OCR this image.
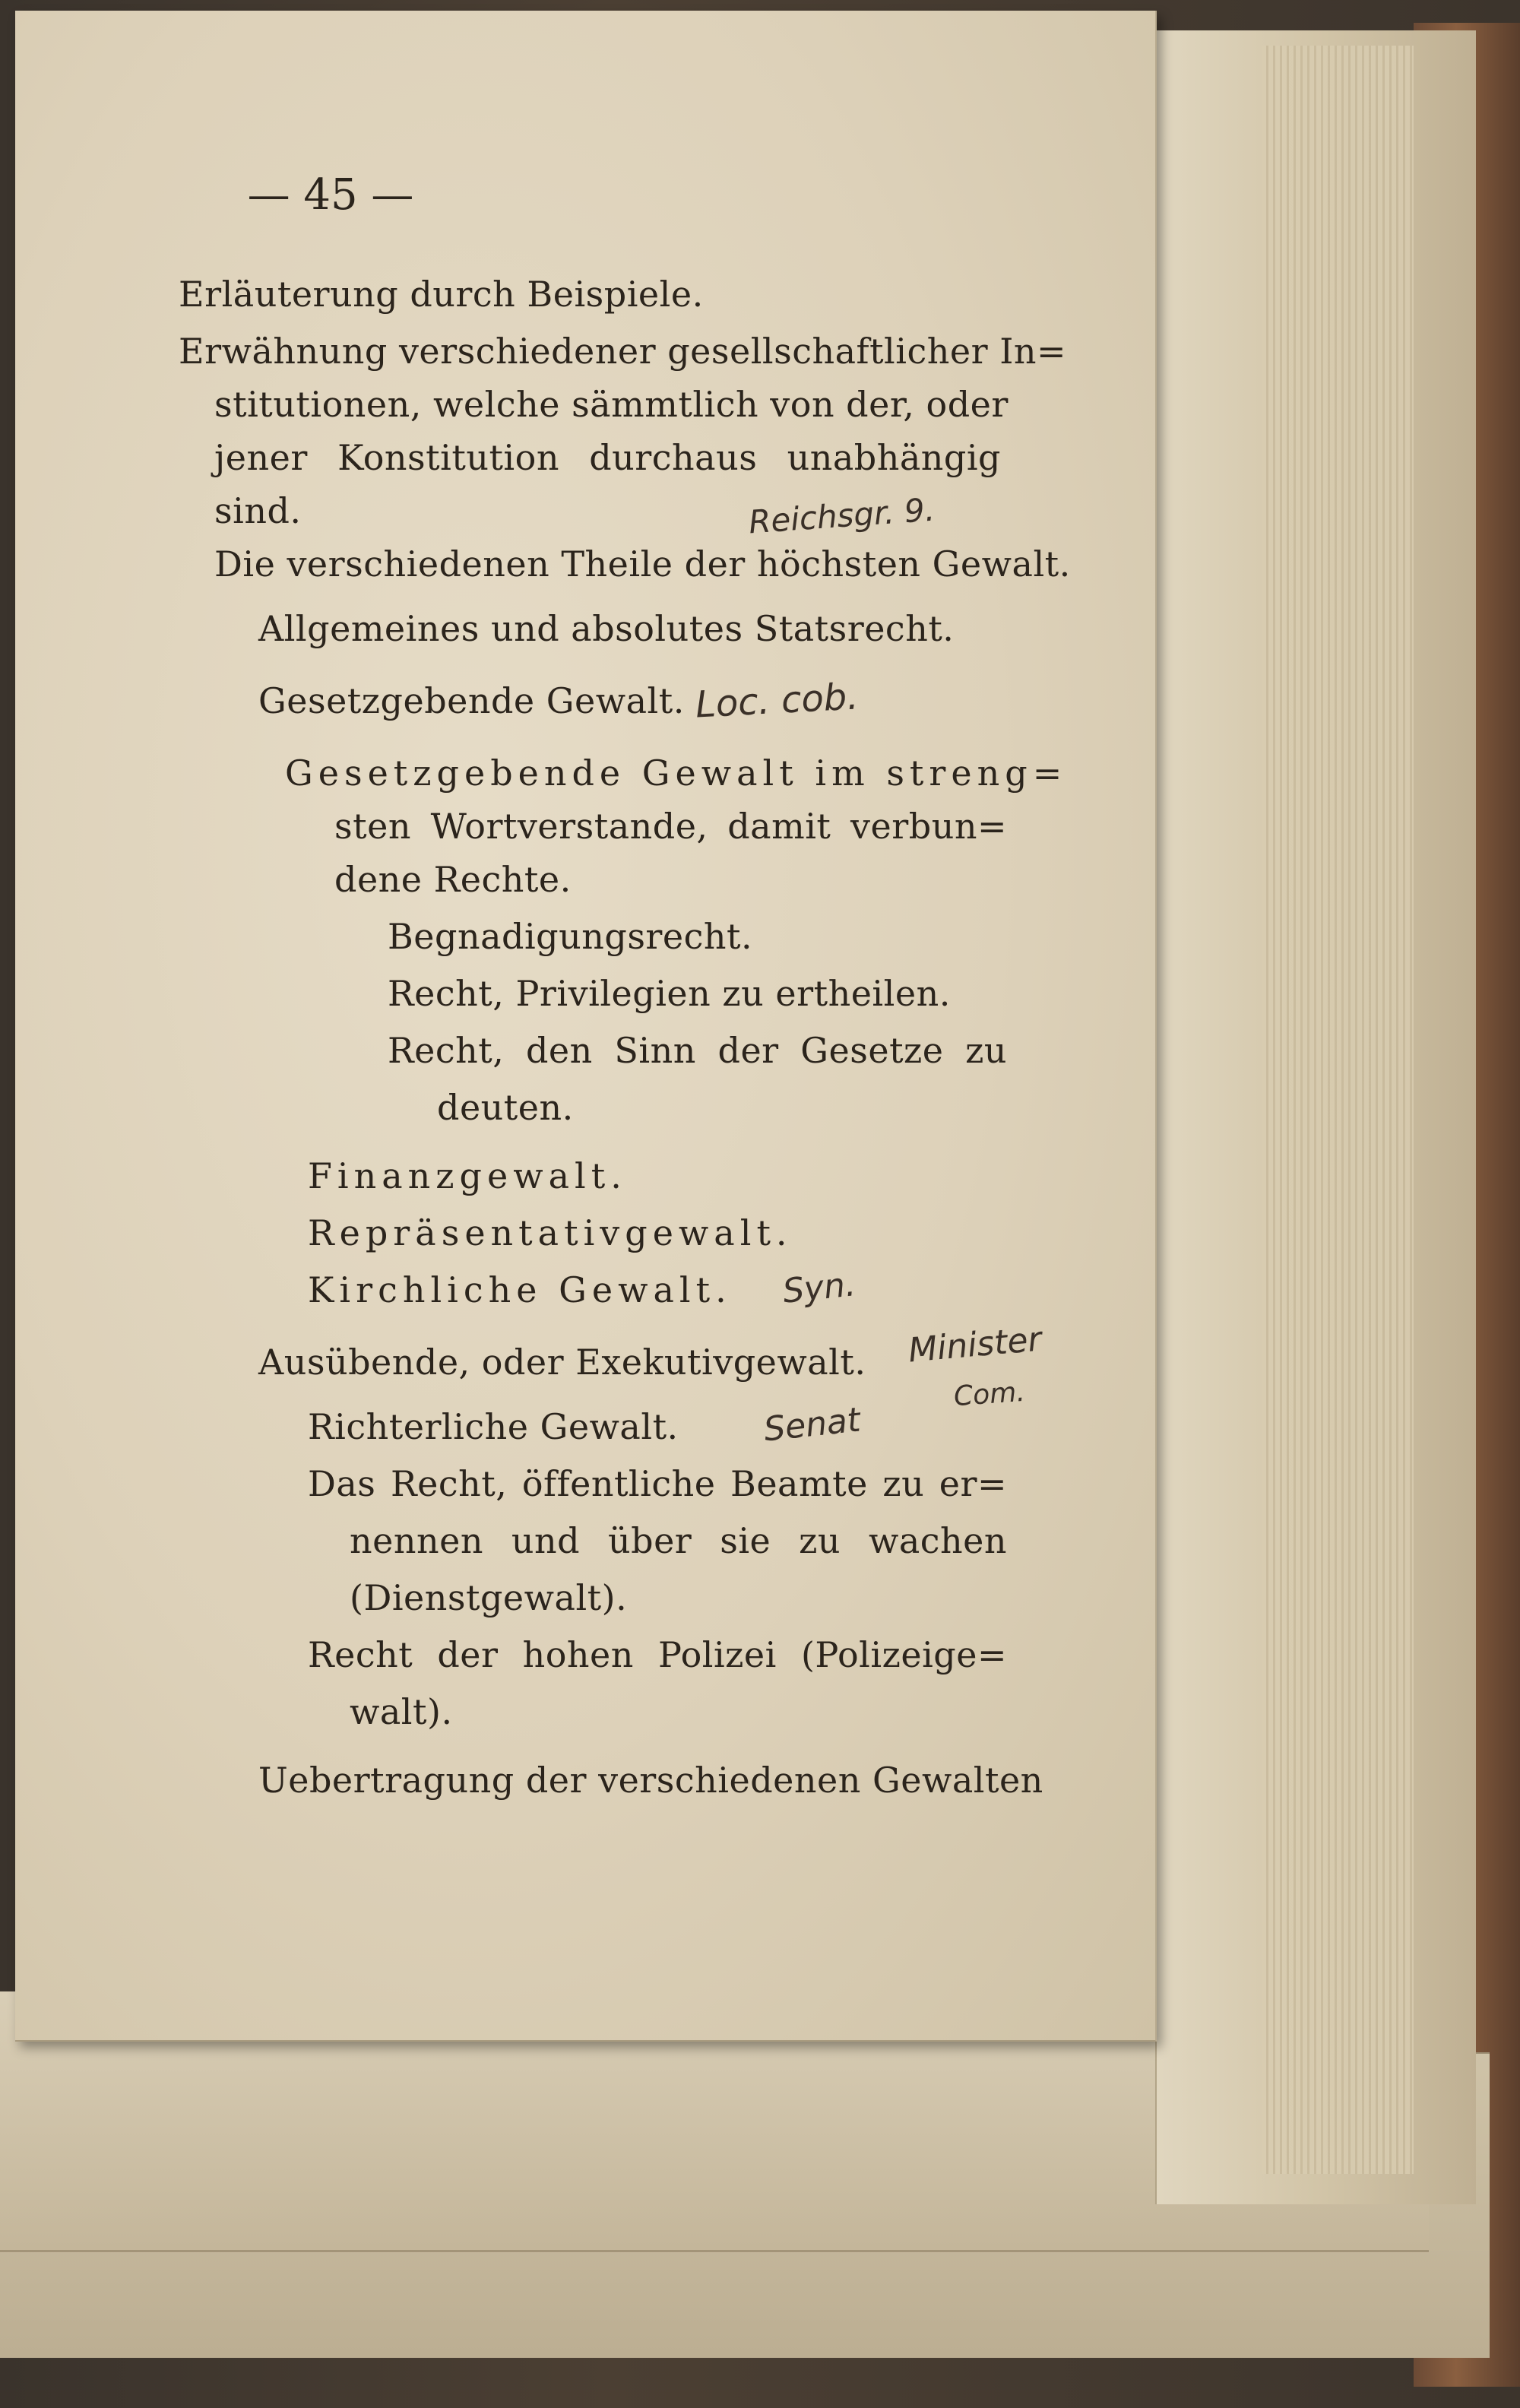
— 45 —
Erläuterung durch Beispiele.
Erwähnung verschiedener gesellschaftlicher In=
stitutionen, welche sämmtlich von der, oder
jener Konstitution durchaus unabhängig
sind.
Die verschiedenen Theile der höchsten Gewalt.
Allgemeines und absolutes Statsrecht.
Gesetzgebende Gewalt.
Gesetzgebende Gewalt im streng=
sten Wortverstande, damit verbun=
dene Rechte.
Begnadigungsrecht.
Recht, Privilegien zu ertheilen.
Recht, den Sinn der Gesetze zu
deuten.
Finanzgewalt.
Repräsentativgewalt.
Kirchliche Gewalt.
Ausübende, oder Exekutivgewalt.
Richterliche Gewalt.
Das Recht, öffentliche Beamte zu er=
nennen und über sie zu wachen
(Dienstgewalt).
Recht der hohen Polizei (Polizeige=
walt).
Uebertragung der verschiedenen Gewalten
Reichsgr. 9.
Loc. cob.
Syn.
Minister
Com.
Senat
